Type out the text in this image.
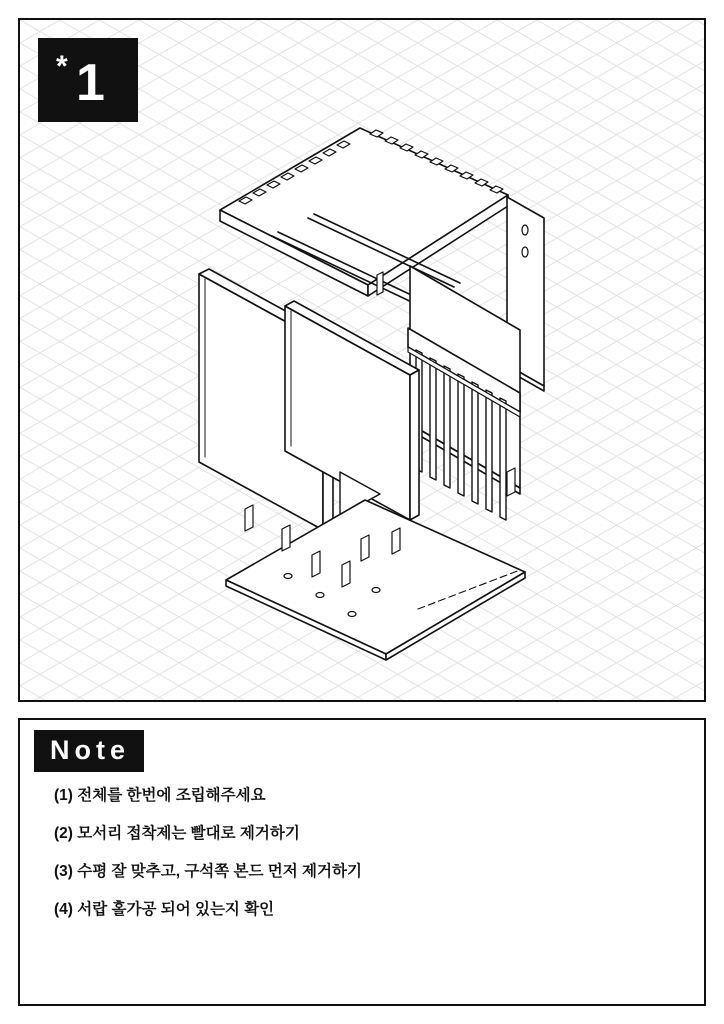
* 1
Note
(1) 전체를 한번에 조립해주세요
(2) 모서리 접착제는 빨대로 제거하기
(3) 수평 잘 맞추고, 구석쪽 본드 먼저 제거하기
(4) 서랍 홀가공 되어 있는지 확인
